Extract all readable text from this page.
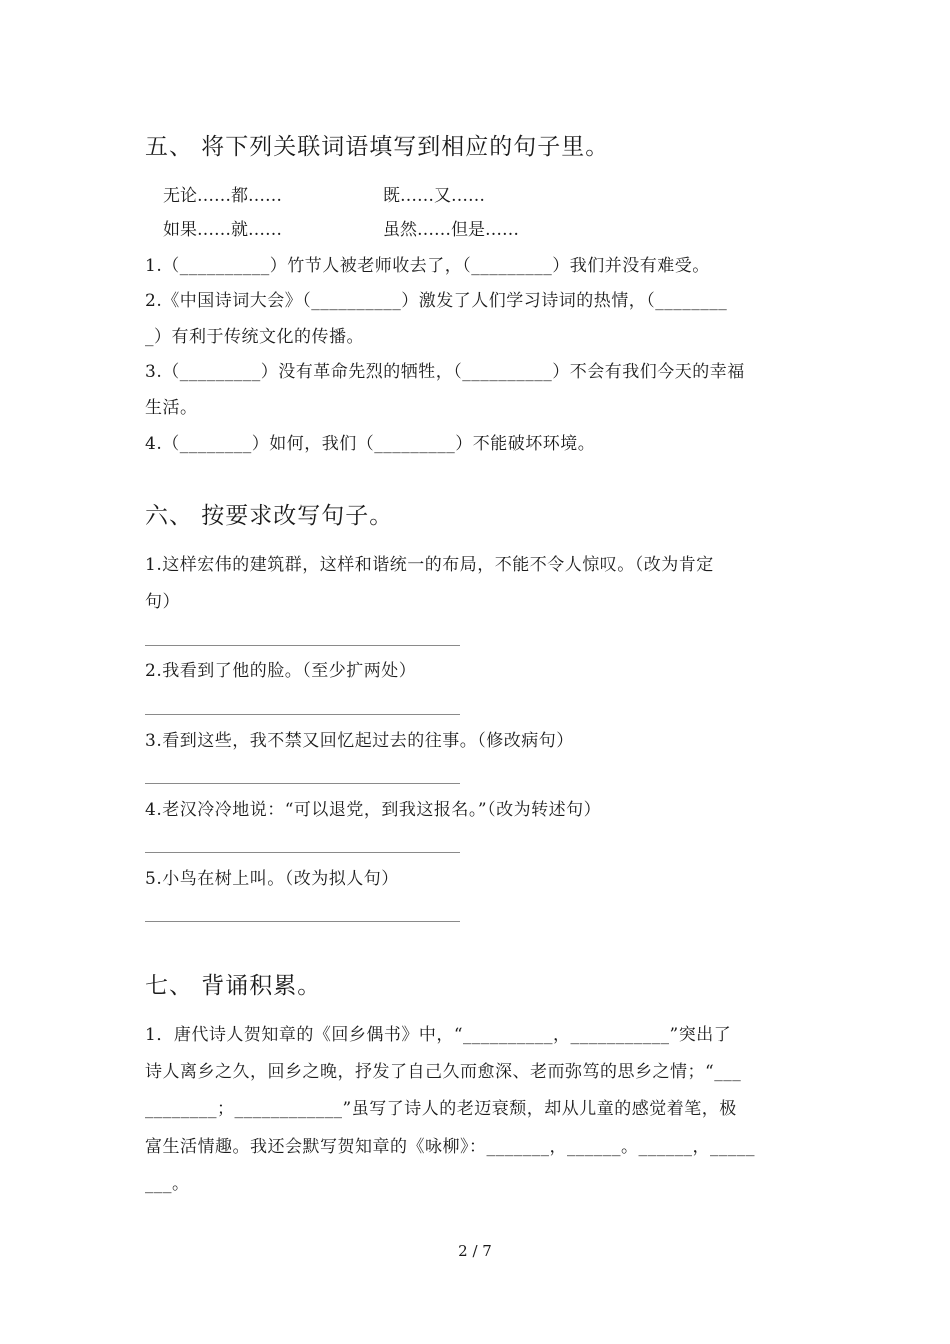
五、 将下列关联词语填写到相应的句子里。
无论……都……	既……又……
如果……就……	虽然……但是……
1.（__________）竹节人被老师收去了，（_________）我们并没有难受。
2.《中国诗词大会》（__________）激发了人们学习诗词的热情，（________
_）有利于传统文化的传播。
3.（_________）没有革命先烈的牺牲，（__________）不会有我们今天的幸福
生活。
4.（________）如何，我们（_________）不能破坏环境。
六、 按要求改写句子。
1.这样宏伟的建筑群，这样和谐统一的布局，不能不令人惊叹。（改为肯定
句）
2.我看到了他的脸。（至少扩两处）
3.看到这些，我不禁又回忆起过去的往事。（修改病句）
4.老汉冷冷地说：“可以退党，到我这报名。”（改为转述句）
5.小鸟在树上叫。（改为拟人句）
七、 背诵积累。
1．唐代诗人贺知章的《回乡偶书》中，“__________，___________”突出了
诗人离乡之久，回乡之晚，抒发了自己久而愈深、老而弥笃的思乡之情；“___
________；____________”虽写了诗人的老迈衰颓，却从儿童的感觉着笔，极
富生活情趣。我还会默写贺知章的《咏柳》：_______，______。______，_____
___。
2 / 7
